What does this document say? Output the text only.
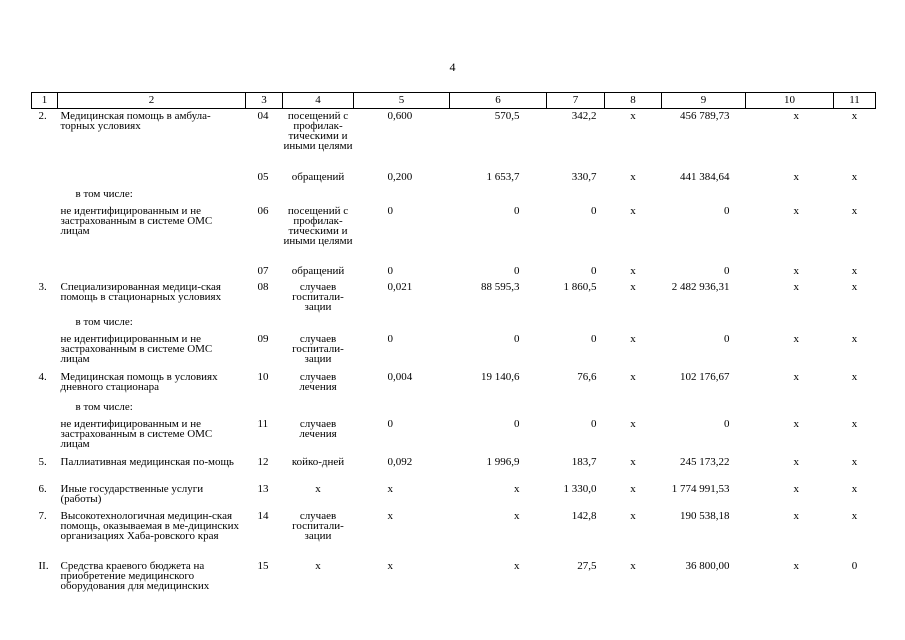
4
1	2	3	4	5	6	7	8	9	10	11
2.	Медицинская помощь в амбула-торных условиях	04	посещений с профилак-тическими и иными целями	0,600	570,5	342,2	х	456 789,73	х	х
		05	обращений	0,200	1 653,7	330,7	х	441 384,64	х	х
	в том числе:									
	не идентифицированным и не застрахованным в системе ОМС лицам	06	посещений с профилак-тическими и иными целями	0	0	0	х	0	х	х
		07	обращений	0	0	0	х	0	х	х
3.	Специализированная медици-ская помощь в стационарных условиях	08	случаев госпитали-зации	0,021	88 595,3	1 860,5	х	2 482 936,31	х	х
	в том числе:									
	не идентифицированным и не застрахованным в системе ОМС лицам	09	случаев госпитали-зации	0	0	0	х	0	х	х
4.	Медицинская помощь в условиях дневного стационара	10	случаев лечения	0,004	19 140,6	76,6	х	102 176,67	х	х
	в том числе:									
	не идентифицированным и не застрахованным в системе ОМС лицам	11	случаев лечения	0	0	0	х	0	х	х
5.	Паллиативная медицинская по-мощь	12	койко-дней	0,092	1 996,9	183,7	х	245 173,22	х	х
6.	Иные государственные услуги (работы)	13	х	х	х	1 330,0	х	1 774 991,53	х	х
7.	Высокотехнологичная медицин-ская помощь, оказываемая в ме-дицинских организациях Хаба-ровского края	14	случаев госпитали-зации	х	х	142,8	х	190 538,18	х	х
II.	Средства краевого бюджета на приобретение медицинского оборудования для медицинских	15	х	х	х	27,5	х	36 800,00	х	0
